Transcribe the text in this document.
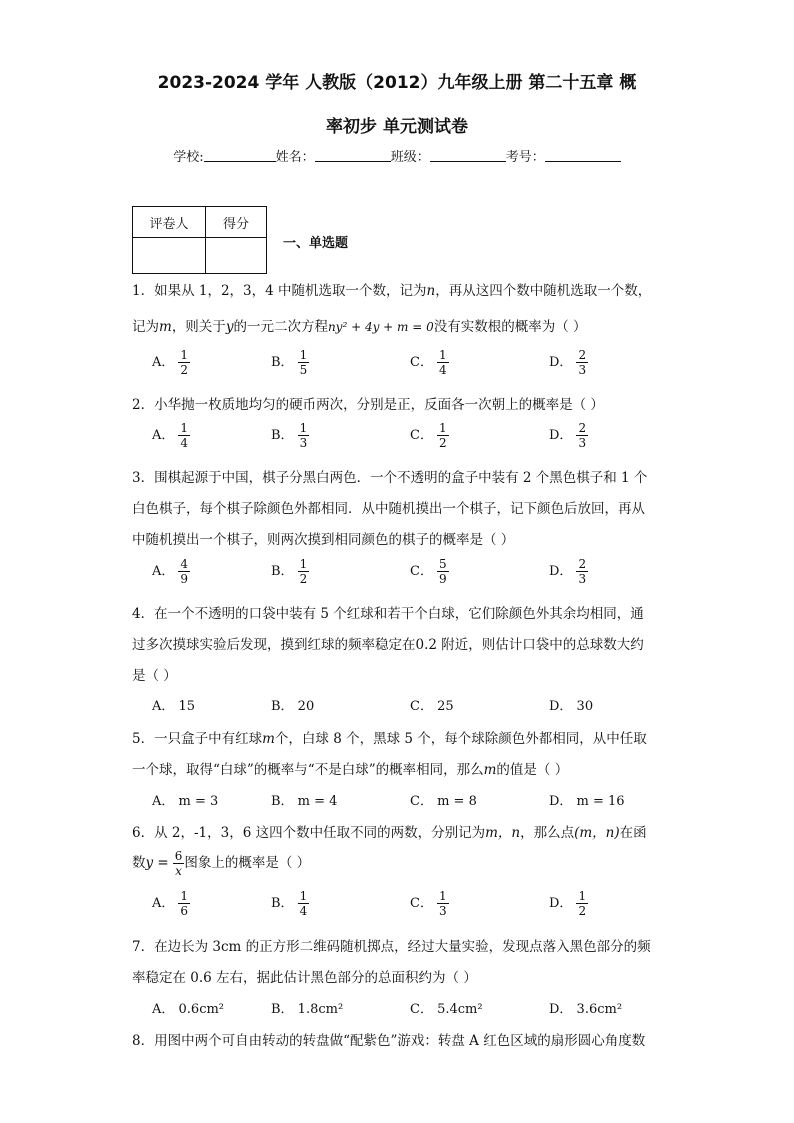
2023-2024 学年 人教版（2012）九年级上册 第二十五章 概
率初步 单元测试卷
学校:	姓名：	班级：	考号：
评卷人	得分

一、单选题
1．如果从 1，2，3，4 中随机选取一个数，记为n，再从这四个数中随机选取一个数，
记为m，则关于y的一元二次方程ny² + 4y + m = 0没有实数根的概率为（ ）
A． $\frac{1}{2}$	B． $\frac{1}{5}$	C． $\frac{1}{4}$	D． $\frac{2}{3}$
2．小华抛一枚质地均匀的硬币两次，分别是正，反面各一次朝上的概率是（ ）
A． $\frac{1}{4}$	B． $\frac{1}{3}$	C． $\frac{1}{2}$	D． $\frac{2}{3}$
3．围棋起源于中国，棋子分黑白两色．一个不透明的盒子中装有 2 个黑色棋子和 1 个
白色棋子，每个棋子除颜色外都相同．从中随机摸出一个棋子，记下颜色后放回，再从
中随机摸出一个棋子，则两次摸到相同颜色的棋子的概率是（ ）
A． $\frac{4}{9}$	B． $\frac{1}{2}$	C． $\frac{5}{9}$	D． $\frac{2}{3}$
4．在一个不透明的口袋中装有 5 个红球和若干个白球，它们除颜色外其余均相同，通
过多次摸球实验后发现，摸到红球的频率稳定在0.2 附近，则估计口袋中的总球数大约
是（ ）
A． 15	B． 20	C． 25	D． 30
5．一只盒子中有红球m个，白球 8 个，黑球 5 个，每个球除颜色外都相同，从中任取
一个球，取得“白球”的概率与“不是白球”的概率相同，那么m的值是（ ）
A． m = 3	B． m = 4	C． m = 8	D． m = 16
6．从 2，-1，3，6 这四个数中任取不同的两数，分别记为m，n，那么点(m，n)在函
数$y = \frac{6}{x}$ 图象上的概率是（ ）
A． $\frac{1}{6}$	B． $\frac{1}{4}$	C． $\frac{1}{3}$	D． $\frac{1}{2}$
7．在边长为 3cm 的正方形二维码随机掷点，经过大量实验，发现点落入黑色部分的频
率稳定在 0.6 左右，据此估计黑色部分的总面积约为（ ）
A． 0.6cm²	B． 1.8cm²	C． 5.4cm²	D． 3.6cm²
8．用图中两个可自由转动的转盘做“配紫色”游戏：转盘 A 红色区域的扇形圆心角度数
